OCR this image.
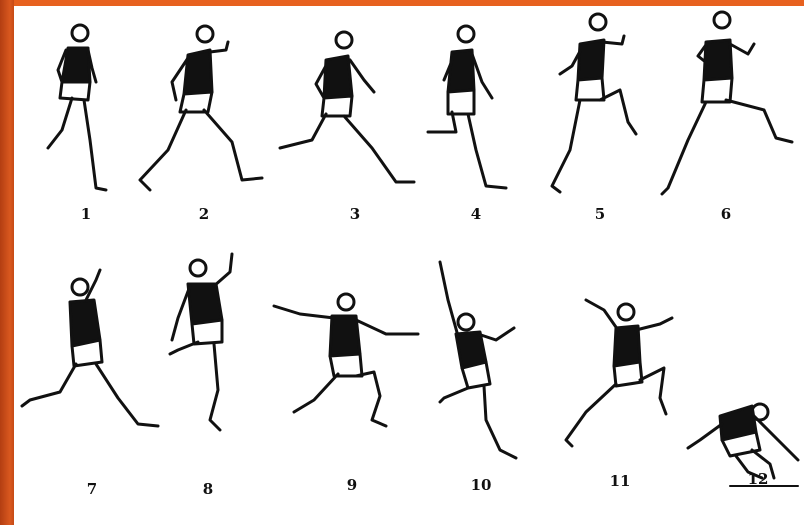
1	2	3	4	5	6
7	8	9	10	11	12
